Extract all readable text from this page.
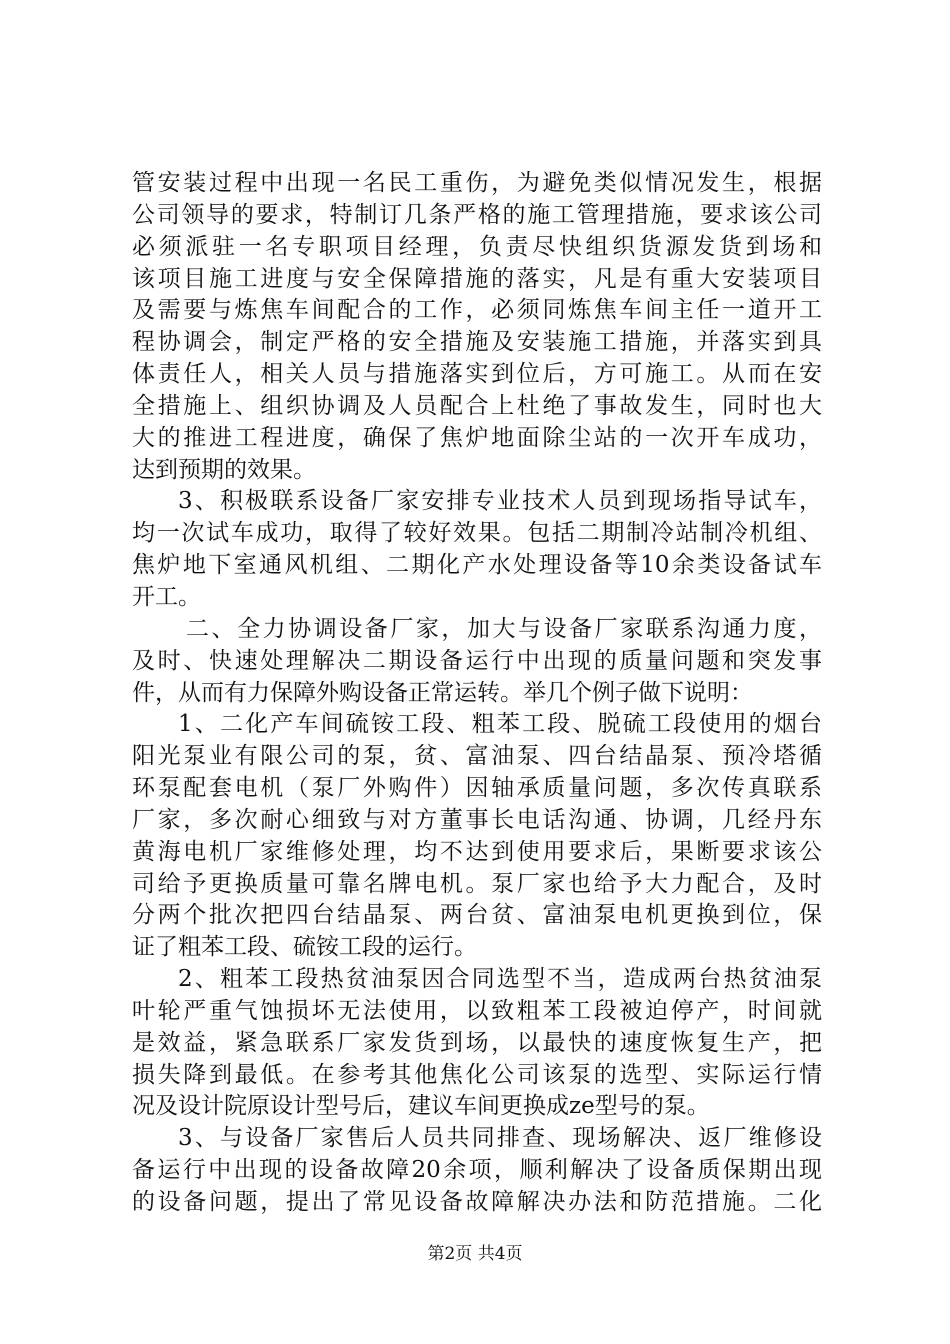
管安装过程中出现一名民工重伤，为避免类似情况发生，根据
公司领导的要求，特制订几条严格的施工管理措施，要求该公司
必须派驻一名专职项目经理，负责尽快组织货源发货到场和
该项目施工进度与安全保障措施的落实，凡是有重大安装项目
及需要与炼焦车间配合的工作，必须同炼焦车间主任一道开工
程协调会，制定严格的安全措施及安装施工措施，并落实到具
体责任人，相关人员与措施落实到位后，方可施工。从而在安
全措施上、组织协调及人员配合上杜绝了事故发生，同时也大
大的推进工程进度，确保了焦炉地面除尘站的一次开车成功，
达到预期的效果。
3、积极联系设备厂家安排专业技术人员到现场指导试车，
均一次试车成功，取得了较好效果。包括二期制冷站制冷机组、
焦炉地下室通风机组、二期化产水处理设备等10余类设备试车
开工。
二、全力协调设备厂家，加大与设备厂家联系沟通力度，
及时、快速处理解决二期设备运行中出现的质量问题和突发事
件，从而有力保障外购设备正常运转。举几个例子做下说明：
1、二化产车间硫铵工段、粗苯工段、脱硫工段使用的烟台
阳光泵业有限公司的泵，贫、富油泵、四台结晶泵、预冷塔循
环泵配套电机（泵厂外购件）因轴承质量问题，多次传真联系
厂家，多次耐心细致与对方董事长电话沟通、协调，几经丹东
黄海电机厂家维修处理，均不达到使用要求后，果断要求该公
司给予更换质量可靠名牌电机。泵厂家也给予大力配合，及时
分两个批次把四台结晶泵、两台贫、富油泵电机更换到位，保
证了粗苯工段、硫铵工段的运行。
2、粗苯工段热贫油泵因合同选型不当，造成两台热贫油泵
叶轮严重气蚀损坏无法使用，以致粗苯工段被迫停产，时间就
是效益，紧急联系厂家发货到场，以最快的速度恢复生产，把
损失降到最低。在参考其他焦化公司该泵的选型、实际运行情
况及设计院原设计型号后，建议车间更换成ze型号的泵。
3、与设备厂家售后人员共同排查、现场解决、返厂维修设
备运行中出现的设备故障20余项，顺利解决了设备质保期出现
的设备问题，提出了常见设备故障解决办法和防范措施。二化
第2页 共4页
